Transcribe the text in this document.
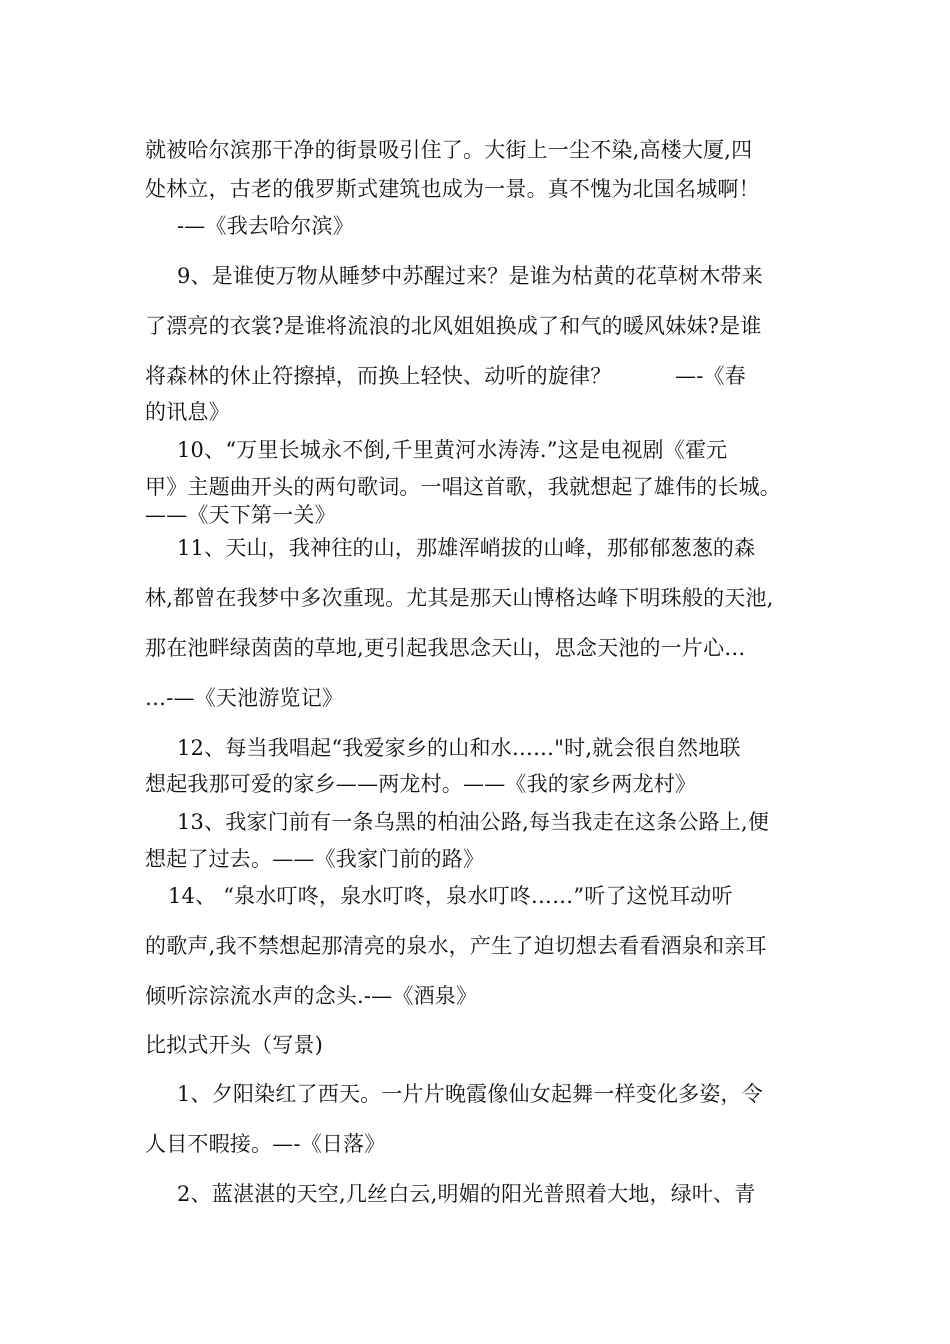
就被哈尔滨那干净的街景吸引住了。大街上一尘不染,高楼大厦,四
处林立，古老的俄罗斯式建筑也成为一景。真不愧为北国名城啊！
-—《我去哈尔滨》
9、是谁使万物从睡梦中苏醒过来？是谁为枯黄的花草树木带来
了漂亮的衣裳?是谁将流浪的北风姐姐换成了和气的暖风妹妹?是谁
将森林的休止符擦掉，而换上轻快、动听的旋律？　　　—-《春
的讯息》
10、“万里长城永不倒,千里黄河水涛涛.”这是电视剧《霍元
甲》主题曲开头的两句歌词。一唱这首歌，我就想起了雄伟的长城。
——《天下第一关》
11、天山，我神往的山，那雄浑峭拔的山峰，那郁郁葱葱的森
林,都曾在我梦中多次重现。尤其是那天山博格达峰下明珠般的天池,
那在池畔绿茵茵的草地,更引起我思念天山，思念天池的一片心…
…-—《天池游览记》
12、每当我唱起“我爱家乡的山和水……"时,就会很自然地联
想起我那可爱的家乡——两龙村。——《我的家乡两龙村》
13、我家门前有一条乌黑的柏油公路,每当我走在这条公路上,便
想起了过去。——《我家门前的路》
14、 “泉水叮咚，泉水叮咚，泉水叮咚……”听了这悦耳动听
的歌声,我不禁想起那清亮的泉水，产生了迫切想去看看酒泉和亲耳
倾听淙淙流水声的念头.-—《酒泉》
比拟式开头（写景)
1、夕阳染红了西天。一片片晚霞像仙女起舞一样变化多姿，令
人目不暇接。—-《日落》
2、蓝湛湛的天空,几丝白云,明媚的阳光普照着大地，绿叶、青
